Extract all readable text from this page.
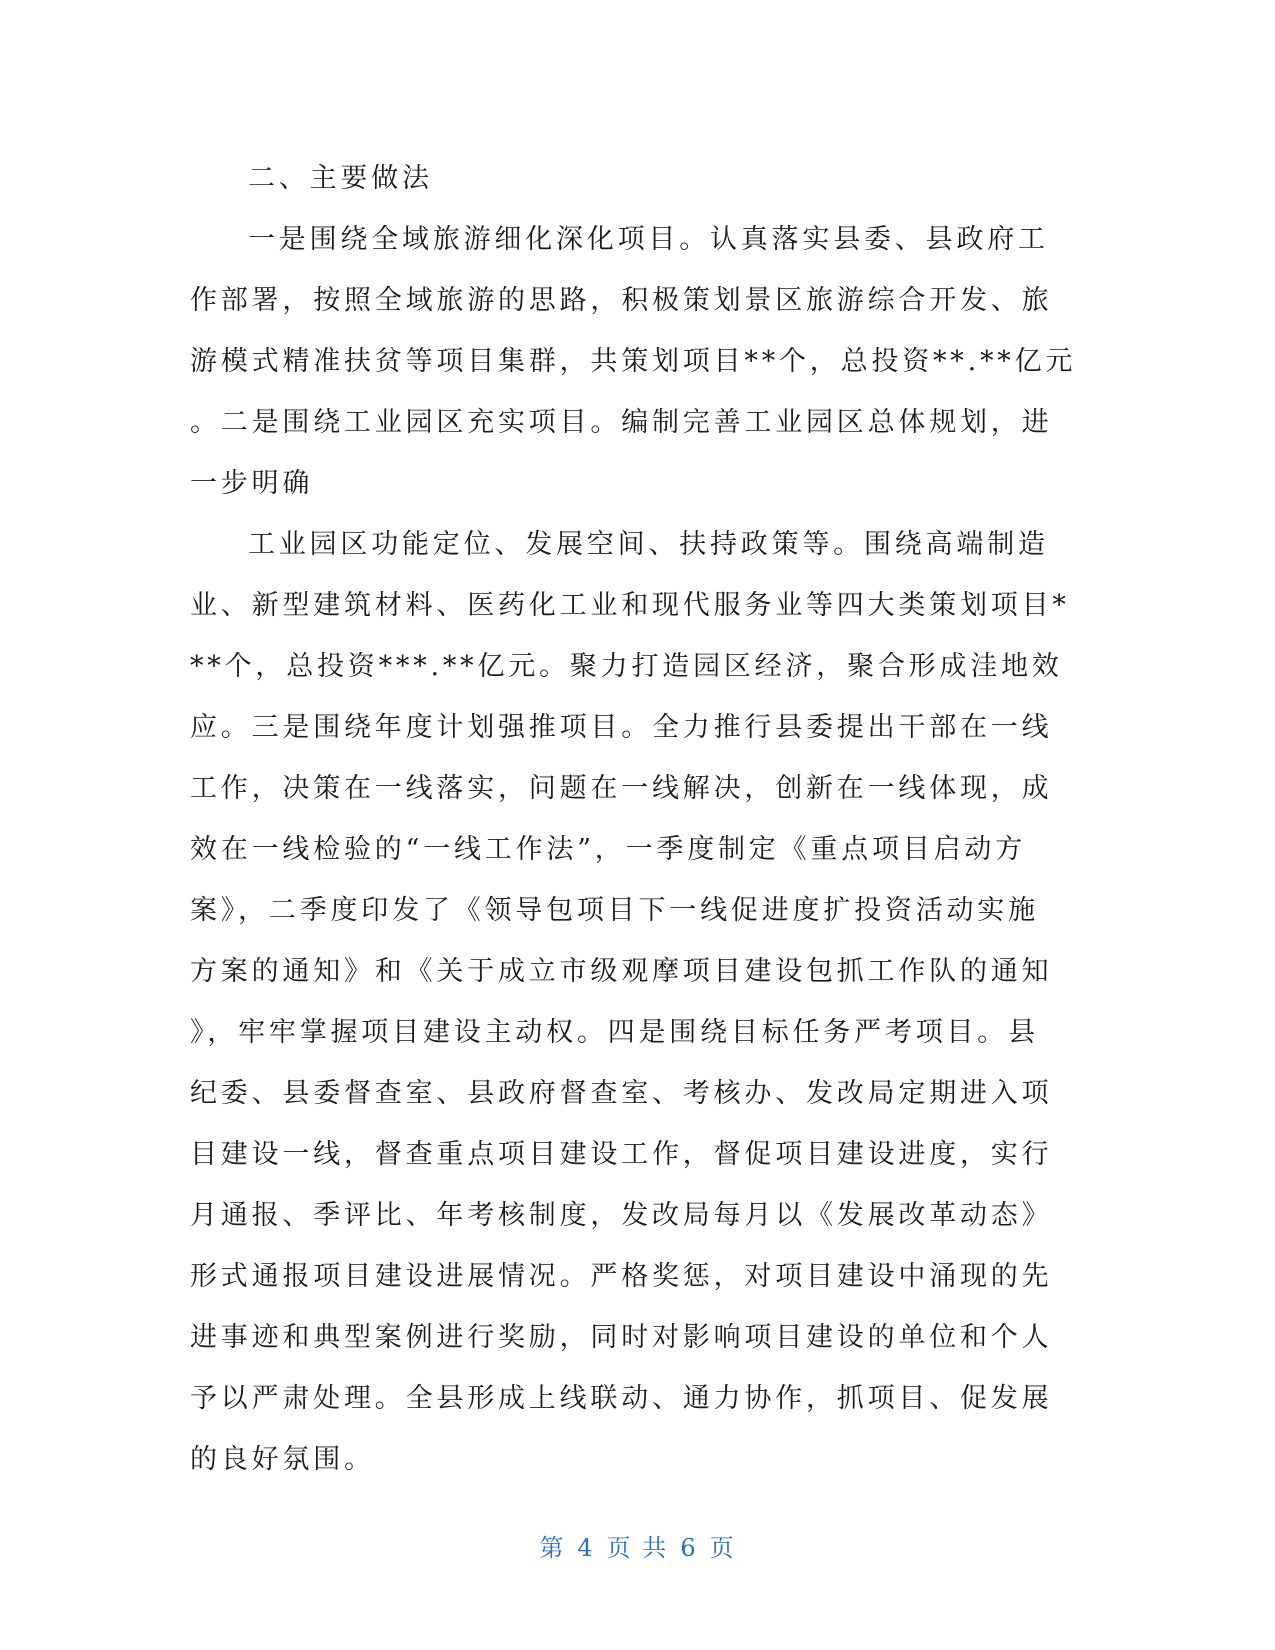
二、主要做法
一是围绕全域旅游细化深化项目。认真落实县委、县政府工
作部署，按照全域旅游的思路，积极策划景区旅游综合开发、旅
游模式精准扶贫等项目集群，共策划项目**个，总投资**.**亿元
。二是围绕工业园区充实项目。编制完善工业园区总体规划，进
一步明确
工业园区功能定位、发展空间、扶持政策等。围绕高端制造
业、新型建筑材料、医药化工业和现代服务业等四大类策划项目*
**个，总投资***.**亿元。聚力打造园区经济，聚合形成洼地效
应。三是围绕年度计划强推项目。全力推行县委提出干部在一线
工作，决策在一线落实，问题在一线解决，创新在一线体现，成
效在一线检验的“一线工作法”，一季度制定《重点项目启动方
案》，二季度印发了《领导包项目下一线促进度扩投资活动实施
方案的通知》和《关于成立市级观摩项目建设包抓工作队的通知
》，牢牢掌握项目建设主动权。四是围绕目标任务严考项目。县
纪委、县委督查室、县政府督查室、考核办、发改局定期进入项
目建设一线，督查重点项目建设工作，督促项目建设进度，实行
月通报、季评比、年考核制度，发改局每月以《发展改革动态》
形式通报项目建设进展情况。严格奖惩，对项目建设中涌现的先
进事迹和典型案例进行奖励，同时对影响项目建设的单位和个人
予以严肃处理。全县形成上线联动、通力协作，抓项目、促发展
的良好氛围。
第 4 页 共 6 页
